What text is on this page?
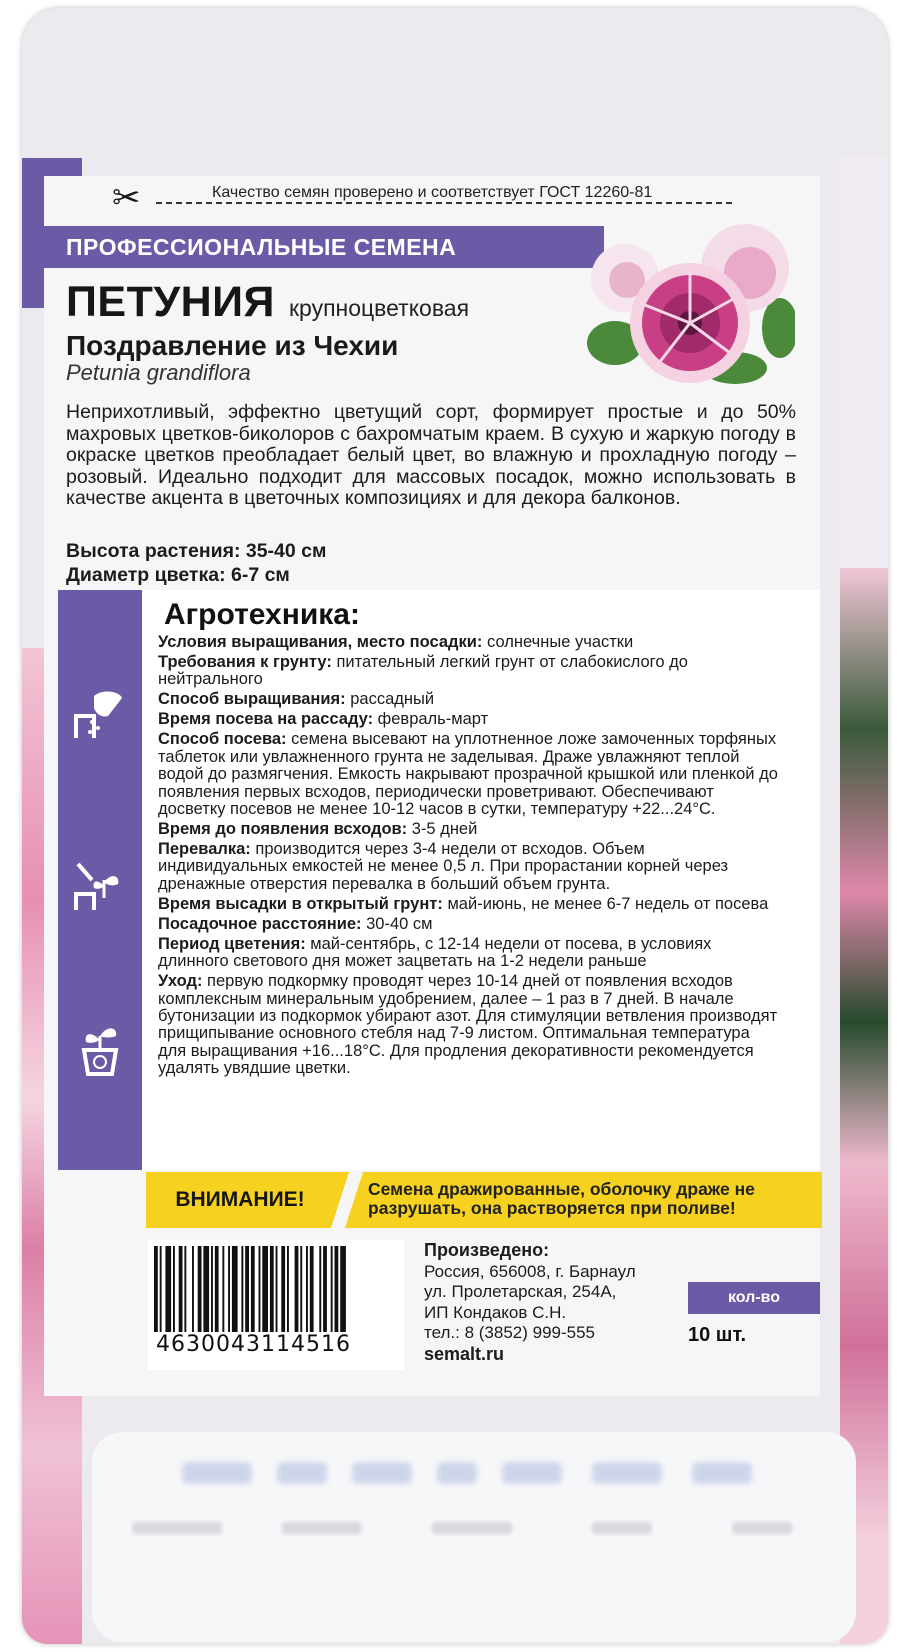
✂	Качество семян проверено и соответствует ГОСТ 12260-81
ПРОФЕССИОНАЛЬНЫЕ СЕМЕНА
ПЕТУНИЯ крупноцветковая
Поздравление из Чехии
Petunia grandiflora
Неприхотливый, эффектно цветущий сорт, формирует простые и до 50% махровых цветков-биколоров с бахромчатым краем. В сухую и жаркую погоду в окраске цветков преобладает белый цвет, во влажную и прохладную погоду – розовый. Идеально подходит для массовых посадок, можно использовать в качестве акцента в цветочных композициях и для декора балконов.
Высота растения: 35-40 см
Диаметр цветка: 6-7 см
Агротехника:

Условия выращивания, место посадки: солнечные участки

Требования к грунту: питательный легкий грунт от слабокислого до нейтрального

Способ выращивания: рассадный

Время посева на рассаду: февраль-март

Способ посева: семена высевают на уплотненное ложе замоченных торфяных таблеток или увлажненного грунта не заделывая. Драже увлажняют теплой водой до размягчения. Емкость накрывают прозрачной крышкой или пленкой до появления первых всходов, периодически проветривают. Обеспечивают досветку посевов не менее 10-12 часов в сутки, температуру +22...24°С.

Время до появления всходов: 3-5 дней

Перевалка: производится через 3-4 недели от всходов. Объем индивидуальных емкостей не менее 0,5 л. При прорастании корней через дренажные отверстия перевалка в больший объем грунта.

Время высадки в открытый грунт: май-июнь, не менее 6-7 недель от посева

Посадочное расстояние: 30-40 см

Период цветения: май-сентябрь, с 12-14 недели от посева, в условиях длинного светового дня может зацветать на 1-2 недели раньше

Уход: первую подкормку проводят через 10-14 дней от появления всходов комплексным минеральным удобрением, далее – 1 раз в 7 дней. В начале бутонизации из подкормок убирают азот. Для стимуляции ветвления производят прищипывание основного стебля над 7-9 листом. Оптимальная температура для выращивания +16...18°С. Для продления декоративности рекомендуется удалять увядшие цветки.

ВНИМАНИЕ!	Семена дражированные, оболочку драже не разрушать, она растворяется при поливе!
4630043114516
Произведено:
Россия, 656008, г. Барнаул
ул. Пролетарская, 254А,
ИП Кондаков С.Н.
тел.: 8 (3852) 999-555
semalt.ru
кол-во
10 шт.
